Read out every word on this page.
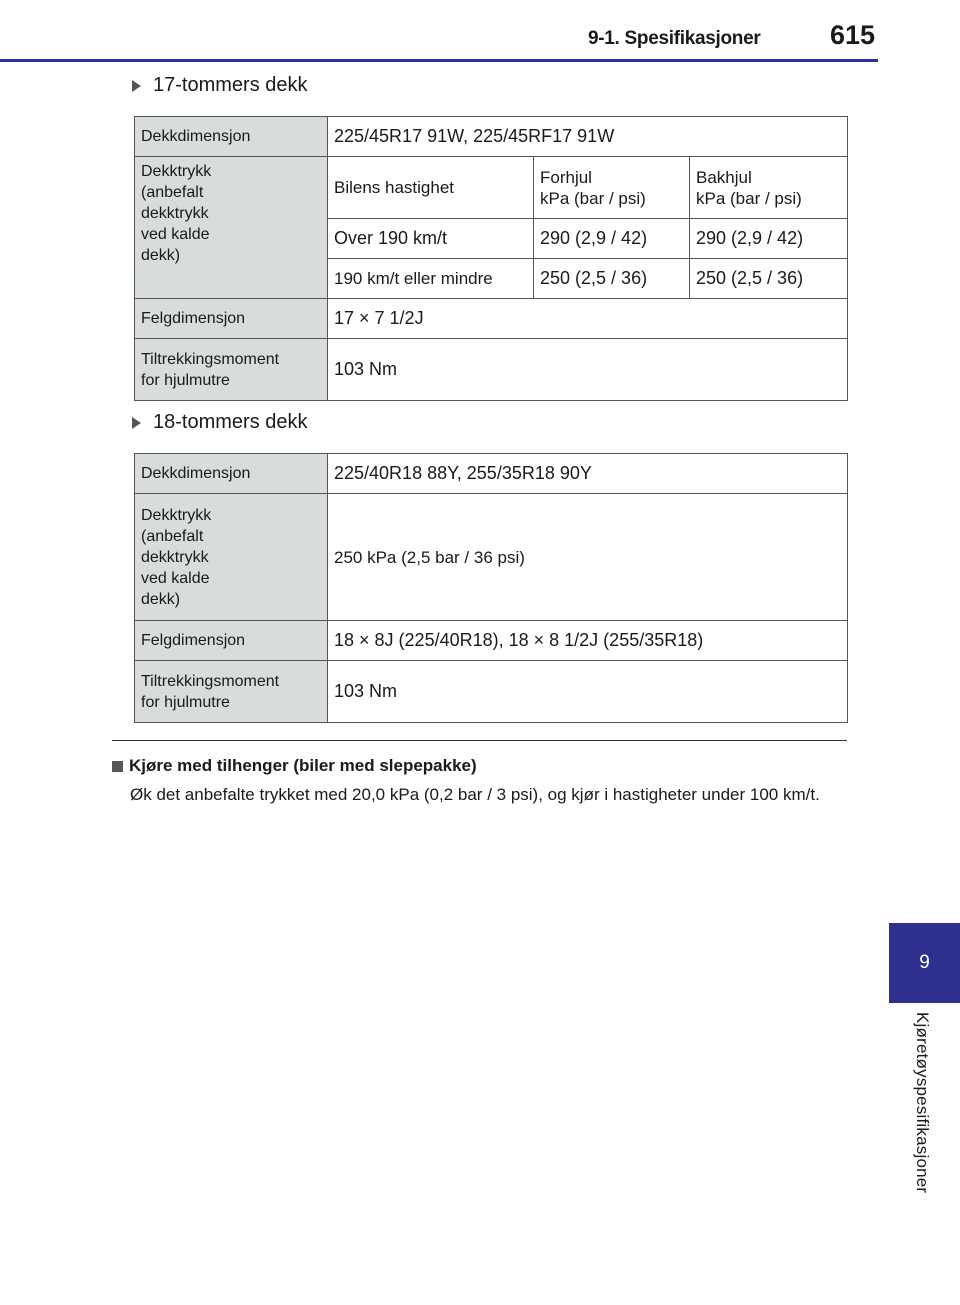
9-1. Spesifikasjoner	615
9
Kjøretøyspesifikasjoner
17-tommers dekk
Dekkdimensjon	225/45R17 91W, 225/45RF17 91W		
Dekktrykk
(anbefalt
dekktrykk
ved kalde
dekk)	Bilens hastighet	Forhjul
kPa (bar / psi)	Bakhjul
kPa (bar / psi)
	Over 190 km/t	290 (2,9 / 42)	290 (2,9 / 42)
	190 km/t eller mindre	250 (2,5 / 36)	250 (2,5 / 36)
Felgdimensjon	17 × 7 1/2J		
Tiltrekkingsmoment
for hjulmutre	103 Nm		
18-tommers dekk
Dekkdimensjon	225/40R18 88Y, 255/35R18 90Y
Dekktrykk
(anbefalt
dekktrykk
ved kalde
dekk)	250 kPa (2,5 bar / 36 psi)
Felgdimensjon	18 × 8J (225/40R18), 18 × 8 1/2J (255/35R18)
Tiltrekkingsmoment
for hjulmutre	103 Nm
Kjøre med tilhenger (biler med slepepakke)
Øk det anbefalte trykket med 20,0 kPa (0,2 bar / 3 psi), og kjør i hastigheter under 100 km/t.
